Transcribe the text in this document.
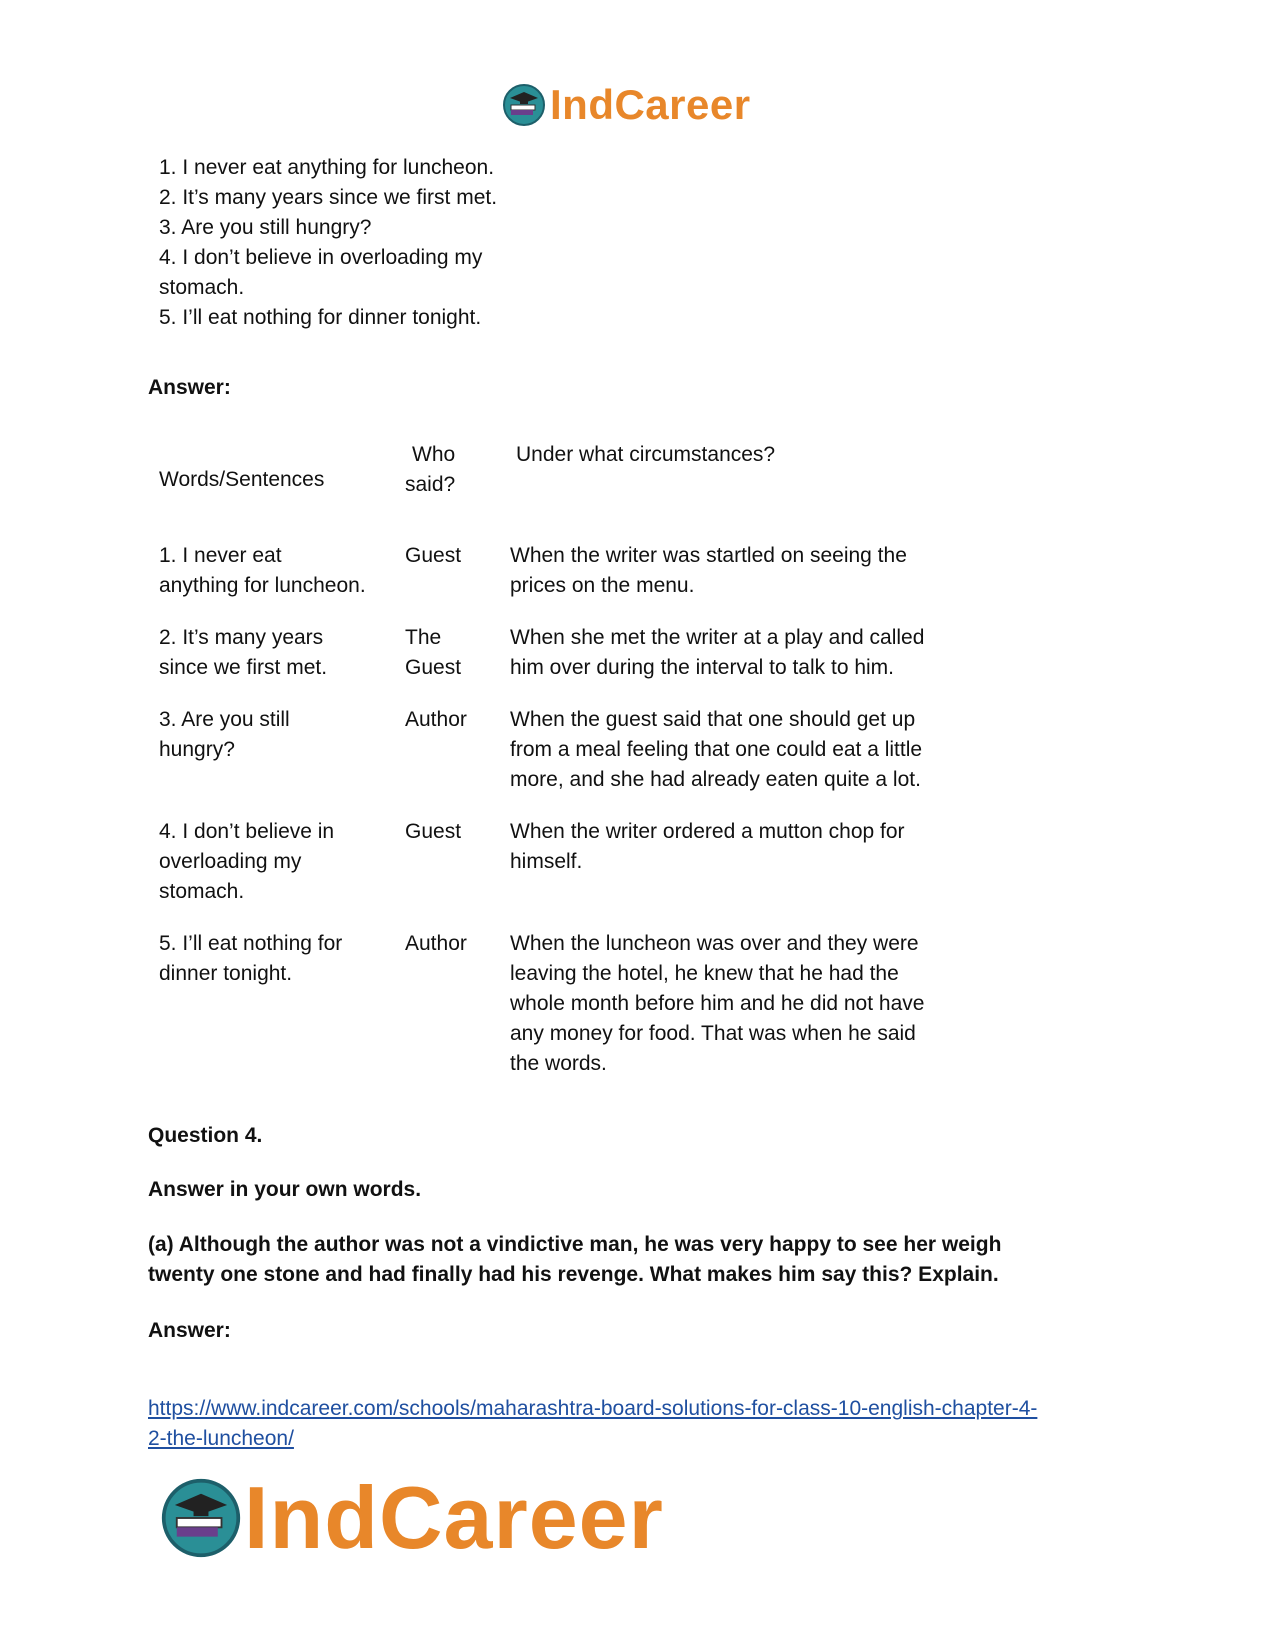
IndCareer
1. I never eat anything for luncheon.
2. It’s many years since we first met.
3. Are you still hungry?
4. I don’t believe in overloading my
stomach.
5. I’ll eat nothing for dinner tonight.
Answer:
Words/Sentences
Who
said?
Under what circumstances?
1. I never eat
anything for luncheon.
Guest When the writer was startled on seeing the
prices on the menu.
2. It’s many years
since we first met.
The
Guest
When she met the writer at a play and called
him over during the interval to talk to him.
3. Are you still
hungry?
Author When the guest said that one should get up
from a meal feeling that one could eat a little
more, and she had already eaten quite a lot.
4. I don’t believe in
overloading my
stomach.
Guest When the writer ordered a mutton chop for
himself.
5. I’ll eat nothing for
dinner tonight.
Author When the luncheon was over and they were
leaving the hotel, he knew that he had the
whole month before him and he did not have
any money for food. That was when he said
the words.
Question 4.
Answer in your own words.
(a) Although the author was not a vindictive man, he was very happy to see her weigh
twenty one stone and had finally had his revenge. What makes him say this? Explain.
Answer:
https://www.indcareer.com/schools/maharashtra-board-solutions-for-class-10-english-chapter-4-
2-the-luncheon/
IndCareer
